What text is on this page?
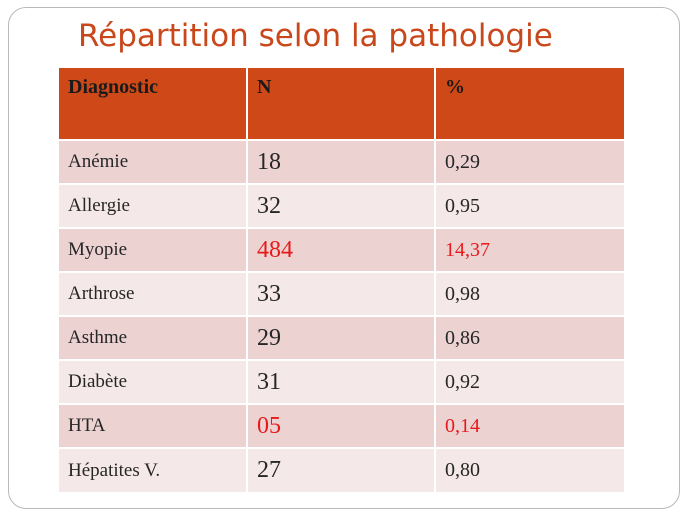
Répartition selon la pathologie
Diagnostic	N	%
Anémie	18	0,29
Allergie	32	0,95
Myopie	484	14,37
Arthrose	33	0,98
Asthme	29	0,86
Diabète	31	0,92
HTA	05	0,14
Hépatites V.	27	0,80
